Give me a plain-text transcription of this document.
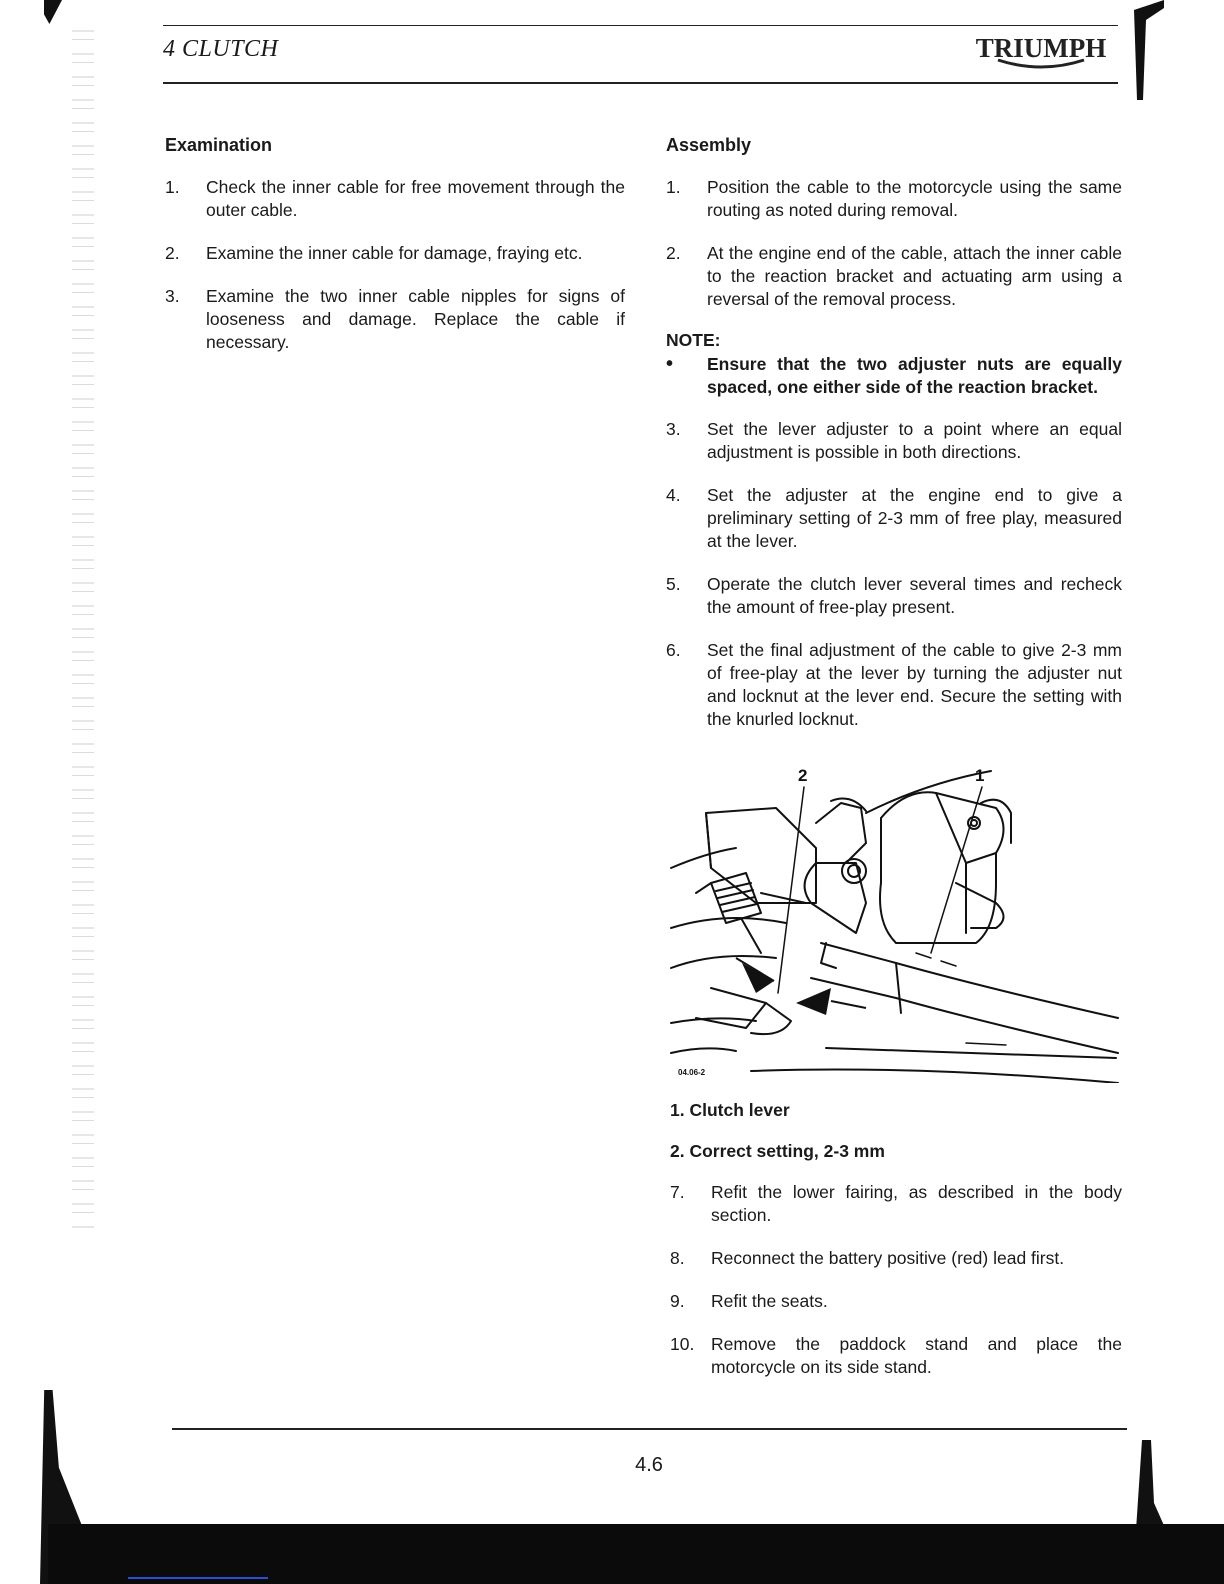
4 CLUTCH	TRIUMPH
Examination
1.	Check the inner cable for free movement through the outer cable.
2.	Examine the inner cable for damage, fraying etc.
3.	Examine the two inner cable nipples for signs of looseness and damage. Replace the cable if necessary.
Assembly
1.	Position the cable to the motorcycle using the same routing as noted during removal.
2.	At the engine end of the cable, attach the inner cable to the reaction bracket and actuating arm using a reversal of the removal process.
NOTE:
•	Ensure that the two adjuster nuts are equally spaced, one either side of the reaction bracket.
3.	Set the lever adjuster to a point where an equal adjustment is possible in both directions.
4.	Set the adjuster at the engine end to give a preliminary setting of 2-3 mm of free play, measured at the lever.
5.	Operate the clutch lever several times and recheck the amount of free-play present.
6.	Set the final adjustment of the cable to give 2-3 mm of free-play at the lever by turning the adjuster nut and locknut at the lever end. Secure the setting with the knurled locknut.
2	1
04.06-2
1. Clutch lever
2. Correct setting, 2-3 mm
7.	Refit the lower fairing, as described in the body section.
8.	Reconnect the battery positive (red) lead first.
9.	Refit the seats.
10. Remove the paddock stand and place the motorcycle on its side stand.
4.6
